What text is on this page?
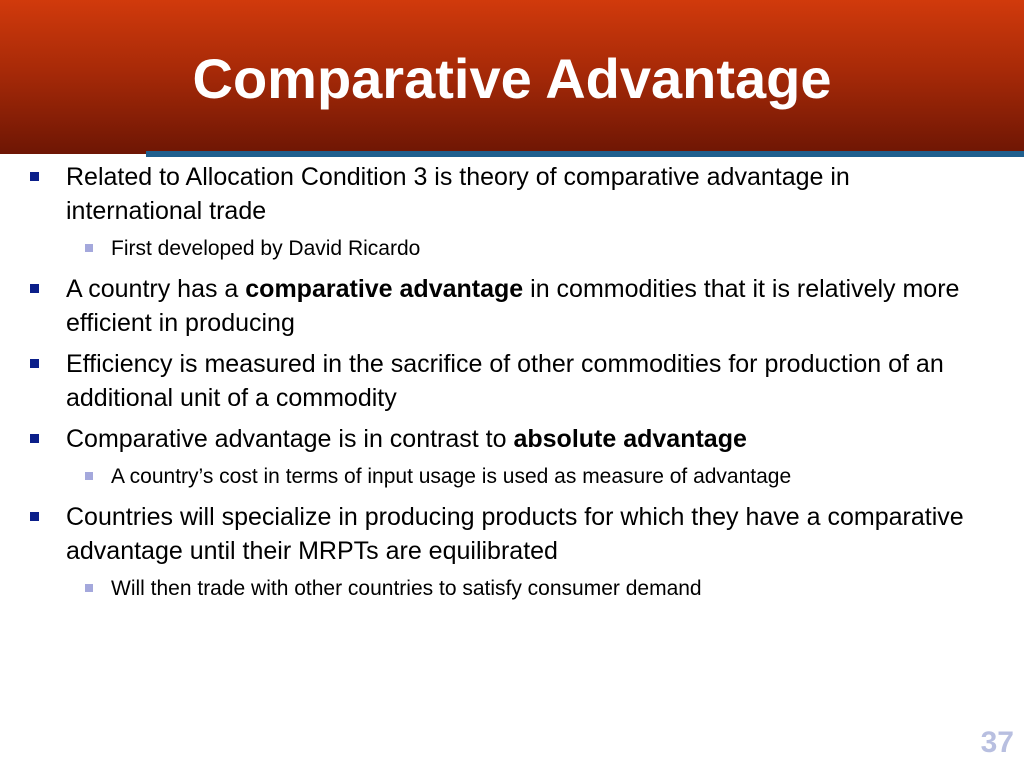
Comparative Advantage
Related to Allocation Condition 3 is theory of comparative advantage in international trade
First developed by David Ricardo
A country has a comparative advantage in commodities that it is relatively more efficient in producing
Efficiency is measured in the sacrifice of other commodities for production of an additional unit of a commodity
Comparative advantage is in contrast to absolute advantage
A country’s cost in terms of input usage is used as measure of advantage
Countries will specialize in producing products for which they have a comparative advantage until their MRPTs are equilibrated
Will then trade with other countries to satisfy consumer demand
37
